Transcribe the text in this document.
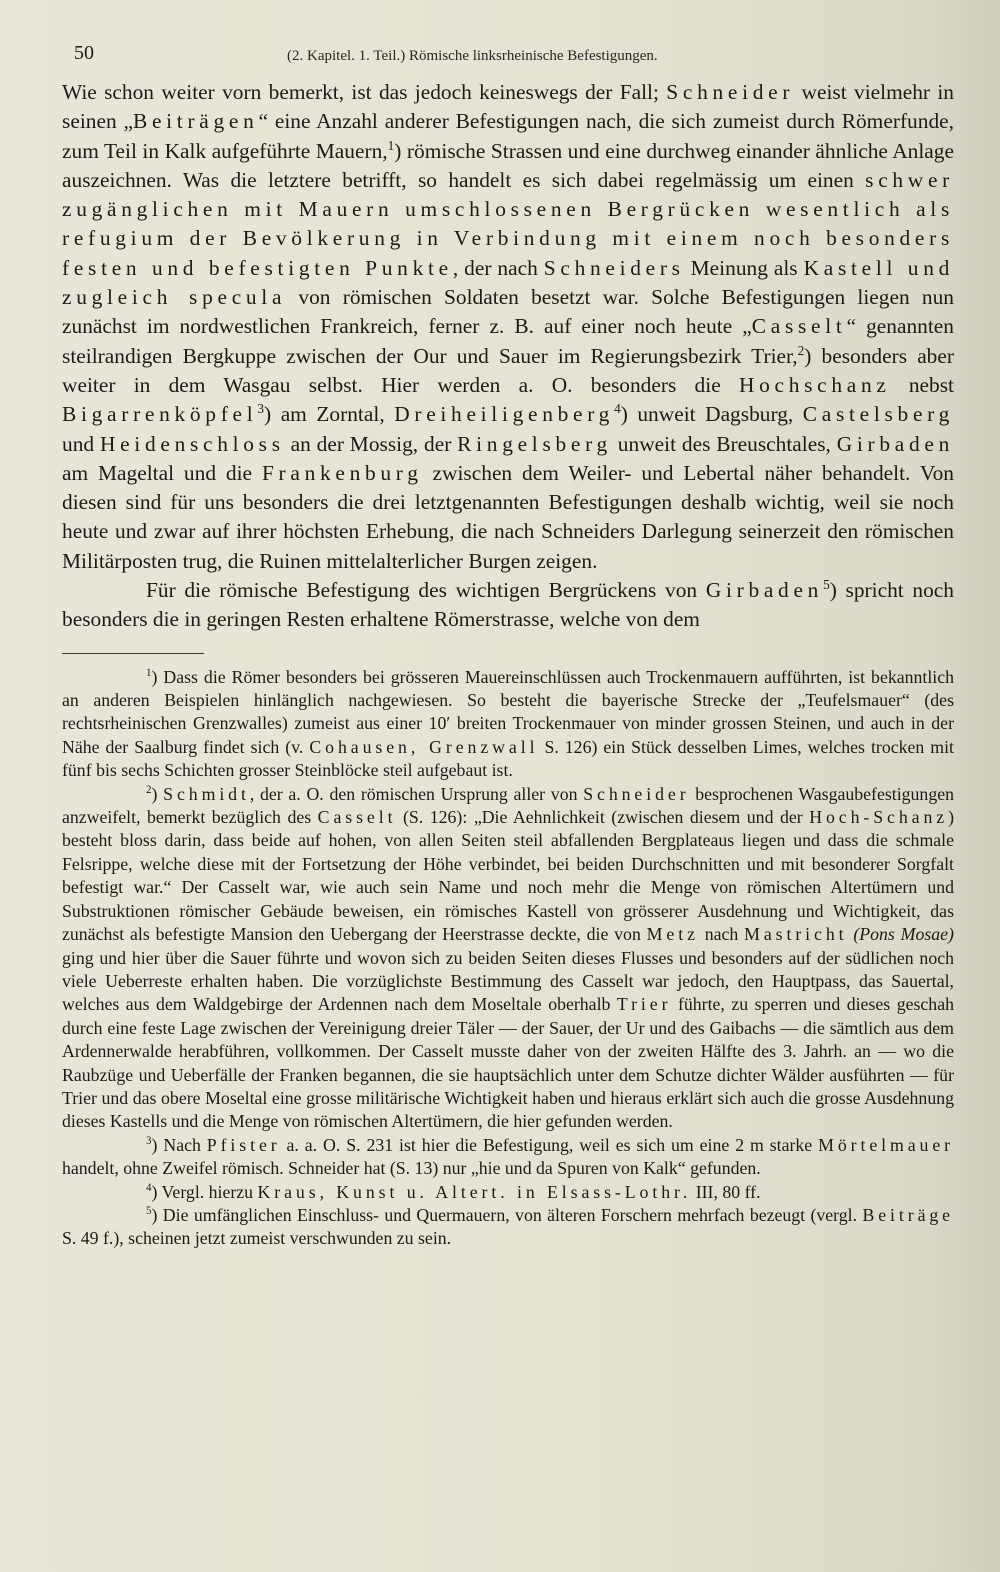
50	(2. Kapitel. 1. Teil.) Römische linksrheinische Befestigungen.

Wie schon weiter vorn bemerkt, ist das jedoch keineswegs der Fall; Schneider weist vielmehr in seinen „Beiträgen“ eine Anzahl anderer Befestigungen nach, die sich zumeist durch Römerfunde, zum Teil in Kalk aufgeführte Mauern,$^1$) römische Strassen und eine durchweg einander ähnliche Anlage auszeichnen. Was die letztere betrifft, so handelt es sich dabei regelmässig um einen schwer zugänglichen mit Mauern umschlossenen Bergrücken wesentlich als refugium der Bevölkerung in Verbindung mit einem noch besonders festen und befestigten Punkte, der nach Schneiders Meinung als Kastell und zugleich specula von römischen Soldaten besetzt war. Solche Befestigungen liegen nun zunächst im nordwestlichen Frankreich, ferner z. B. auf einer noch heute „Casselt“ genannten steilrandigen Bergkuppe zwischen der Our und Sauer im Regierungsbezirk Trier,$^2$) besonders aber weiter in dem Wasgau selbst. Hier werden a. O. besonders die Hochschanz nebst Bigarrenköpfel$^3$) am Zorntal, Dreiheiligenberg$^4$) unweit Dagsburg, Castelsberg und Heidenschloss an der Mossig, der Ringelsberg unweit des Breuschtales, Girbaden am Mageltal und die Frankenburg zwischen dem Weiler- und Lebertal näher behandelt. Von diesen sind für uns besonders die drei letztgenannten Befestigungen deshalb wichtig, weil sie noch heute und zwar auf ihrer höchsten Erhebung, die nach Schneiders Darlegung seinerzeit den römischen Militärposten trug, die Ruinen mittelalterlicher Burgen zeigen.

Für die römische Befestigung des wichtigen Bergrückens von Girbaden$^5$) spricht noch besonders die in geringen Resten erhaltene Römerstrasse, welche von dem

$^1$) Dass die Römer besonders bei grösseren Mauereinschlüssen auch Trockenmauern aufführten, ist bekanntlich an anderen Beispielen hinlänglich nachgewiesen. So besteht die bayerische Strecke der „Teufelsmauer“ (des rechtsrheinischen Grenzwalles) zumeist aus einer 10′ breiten Trockenmauer von minder grossen Steinen, und auch in der Nähe der Saalburg findet sich (v. Cohausen, Grenzwall S. 126) ein Stück desselben Limes, welches trocken mit fünf bis sechs Schichten grosser Steinblöcke steil aufgebaut ist.

$^2$) Schmidt, der a. O. den römischen Ursprung aller von Schneider besprochenen Wasgaubefestigungen anzweifelt, bemerkt bezüglich des Casselt (S. 126): „Die Aehnlichkeit (zwischen diesem und der Hoch-Schanz) besteht bloss darin, dass beide auf hohen, von allen Seiten steil abfallenden Bergplateaus liegen und dass die schmale Felsrippe, welche diese mit der Fortsetzung der Höhe verbindet, bei beiden Durchschnitten und mit besonderer Sorgfalt befestigt war.“ Der Casselt war, wie auch sein Name und noch mehr die Menge von römischen Altertümern und Substruktionen römischer Gebäude beweisen, ein römisches Kastell von grösserer Ausdehnung und Wichtigkeit, das zunächst als befestigte Mansion den Uebergang der Heerstrasse deckte, die von Metz nach Mastricht (Pons Mosae) ging und hier über die Sauer führte und wovon sich zu beiden Seiten dieses Flusses und besonders auf der südlichen noch viele Ueberreste erhalten haben. Die vorzüglichste Bestimmung des Casselt war jedoch, den Hauptpass, das Sauertal, welches aus dem Waldgebirge der Ardennen nach dem Moseltale oberhalb Trier führte, zu sperren und dieses geschah durch eine feste Lage zwischen der Vereinigung dreier Täler — der Sauer, der Ur und des Gaibachs — die sämtlich aus dem Ardennerwalde herabführen, vollkommen. Der Casselt musste daher von der zweiten Hälfte des 3. Jahrh. an — wo die Raubzüge und Ueberfälle der Franken begannen, die sie hauptsächlich unter dem Schutze dichter Wälder ausführten — für Trier und das obere Moseltal eine grosse militärische Wichtigkeit haben und hieraus erklärt sich auch die grosse Ausdehnung dieses Kastells und die Menge von römischen Altertümern, die hier gefunden werden.

$^3$) Nach Pfister a. a. O. S. 231 ist hier die Befestigung, weil es sich um eine 2 m starke Mörtelmauer handelt, ohne Zweifel römisch. Schneider hat (S. 13) nur „hie und da Spuren von Kalk“ gefunden.

$^4$) Vergl. hierzu Kraus, Kunst u. Altert. in Elsass-Lothr. III, 80 ff.

$^5$) Die umfänglichen Einschluss- und Quermauern, von älteren Forschern mehrfach bezeugt (vergl. Beiträge S. 49 f.), scheinen jetzt zumeist verschwunden zu sein.
